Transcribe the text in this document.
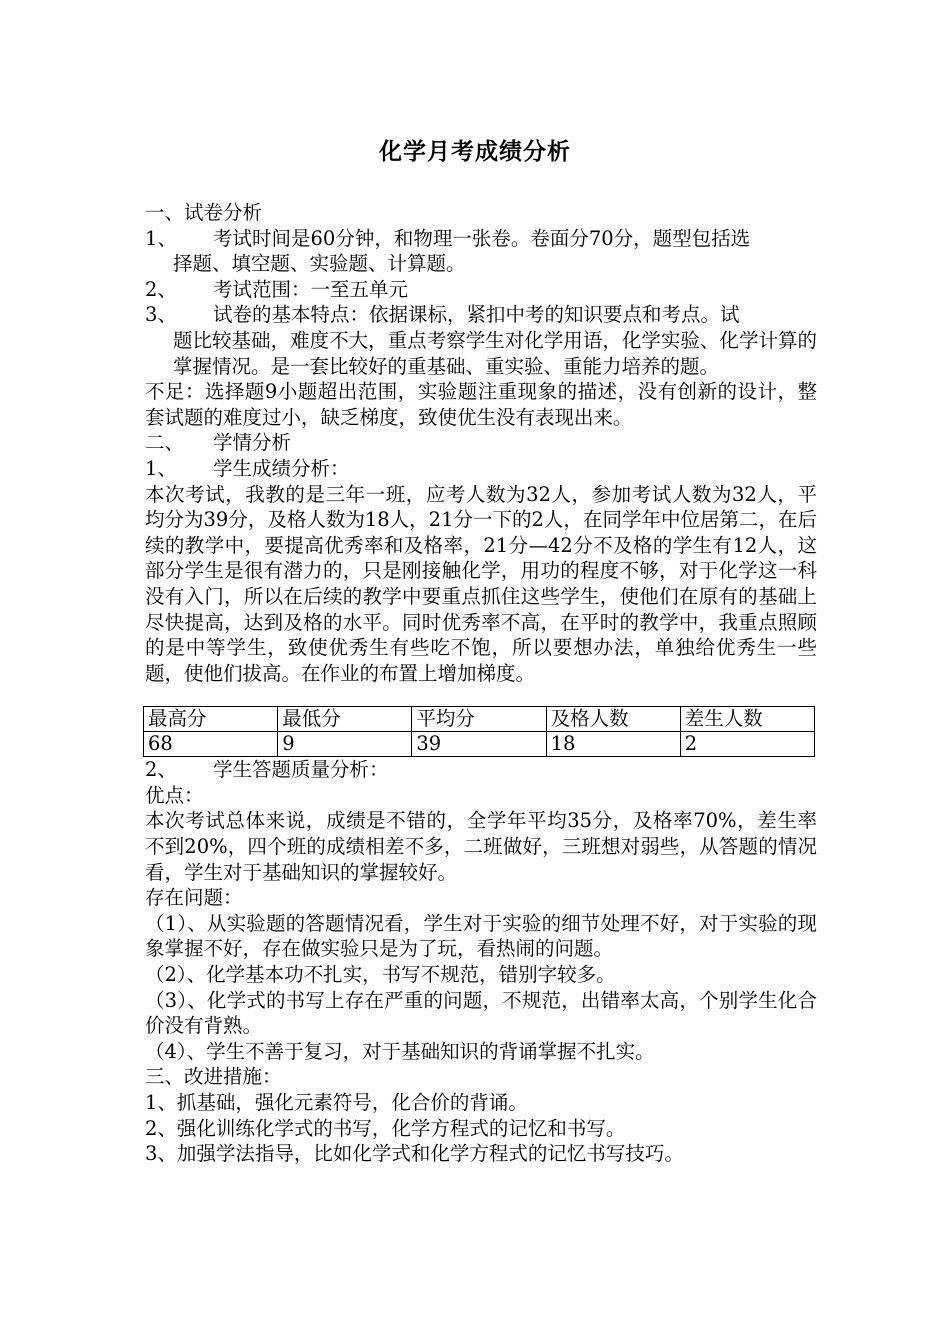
化学月考成绩分析

一、试卷分析

1、	考试时间是60分钟，和物理一张卷。卷面分70分，题型包括选

择题、填空题、实验题、计算题。

2、	考试范围：一至五单元
3、	试卷的基本特点：依据课标，紧扣中考的知识要点和考点。试

题比较基础，难度不大，重点考察学生对化学用语，化学实验、化学计算的掌握情况。是一套比较好的重基础、重实验、重能力培养的题。

不足：选择题9小题超出范围，实验题注重现象的描述，没有创新的设计，整套试题的难度过小，缺乏梯度，致使优生没有表现出来。

二、	学情分析
1、	学生成绩分析：

本次考试，我教的是三年一班，应考人数为32人，参加考试人数为32人，平均分为39分，及格人数为18人，21分一下的2人，在同学年中位居第二，在后续的教学中，要提高优秀率和及格率，21分—42分不及格的学生有12人，这部分学生是很有潜力的，只是刚接触化学，用功的程度不够，对于化学这一科没有入门，所以在后续的教学中要重点抓住这些学生，使他们在原有的基础上尽快提高，达到及格的水平。同时优秀率不高，在平时的教学中，我重点照顾的是中等学生，致使优秀生有些吃不饱，所以要想办法，单独给优秀生一些题，使他们拔高。在作业的布置上增加梯度。

最高分	最低分	平均分	及格人数	差生人数
68	9	39	18	2
2、	学生答题质量分析：

优点：

本次考试总体来说，成绩是不错的，全学年平均35分，及格率70%，差生率不到20%，四个班的成绩相差不多，二班做好，三班想对弱些，从答题的情况看，学生对于基础知识的掌握较好。

存在问题：

（1）、从实验题的答题情况看，学生对于实验的细节处理不好，对于实验的现象掌握不好，存在做实验只是为了玩，看热闹的问题。

（2）、化学基本功不扎实，书写不规范，错别字较多。

（3）、化学式的书写上存在严重的问题，不规范，出错率太高，个别学生化合价没有背熟。

（4）、学生不善于复习，对于基础知识的背诵掌握不扎实。

三、改进措施：

1、抓基础，强化元素符号，化合价的背诵。

2、强化训练化学式的书写，化学方程式的记忆和书写。

3、加强学法指导，比如化学式和化学方程式的记忆书写技巧。
